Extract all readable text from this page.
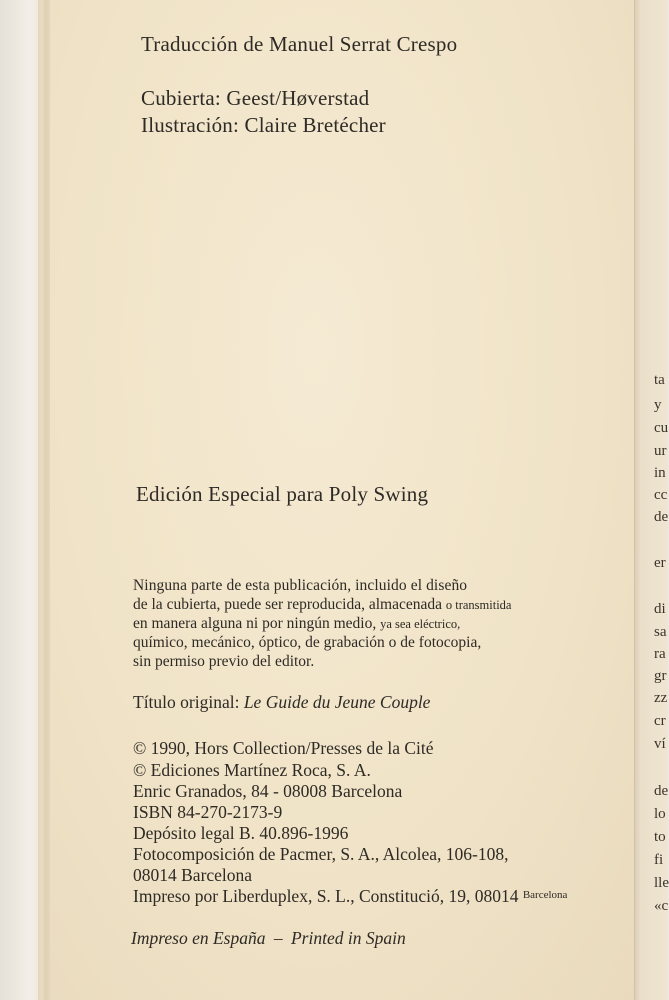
Traducción de Manuel Serrat Crespo
Cubierta: Geest/Høverstad
Ilustración: Claire Bretécher
Edición Especial para Poly Swing
Ninguna parte de esta publicación, incluido el diseño
de la cubierta, puede ser reproducida, almacenada o transmitida
en manera alguna ni por ningún medio, ya sea eléctrico,
químico, mecánico, óptico, de grabación o de fotocopia,
sin permiso previo del editor.
Título original: Le Guide du Jeune Couple
© 1990, Hors Collection/Presses de la Cité
© Ediciones Martínez Roca, S. A.
Enric Granados, 84 - 08008 Barcelona
ISBN 84-270-2173-9
Depósito legal B. 40.896-1996
Fotocomposición de Pacmer, S. A., Alcolea, 106-108,
08014 Barcelona
Impreso por Liberduplex, S. L., Constitució, 19, 08014 $^{Barcelona}$
Impreso en España – Printed in Spain
ta
y
cu
ur
in
cc
de
er
di
sa
ra
gr
zz
cr
ví
de
lo
to
fi
lle
«c
